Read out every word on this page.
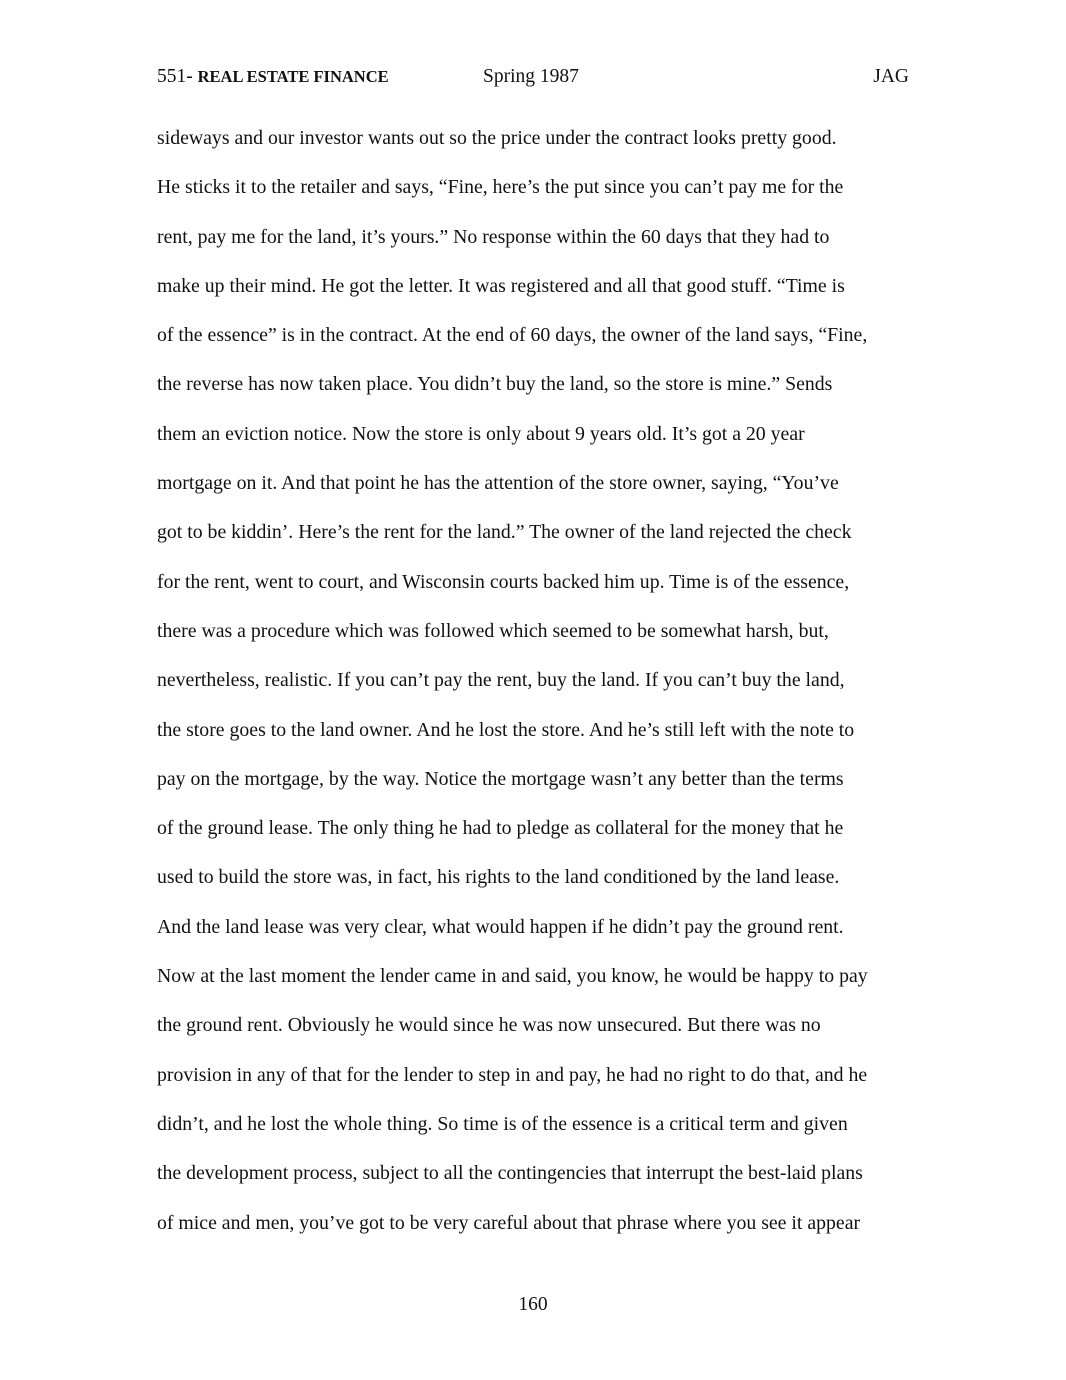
551- REAL ESTATE FINANCE	Spring 1987	JAG

sideways and our investor wants out so the price under the contract looks pretty good.

He sticks it to the retailer and says, “Fine, here’s the put since you can’t pay me for the

rent, pay me for the land, it’s yours.” No response within the 60 days that they had to

make up their mind. He got the letter. It was registered and all that good stuff. “Time is

of the essence” is in the contract. At the end of 60 days, the owner of the land says, “Fine,

the reverse has now taken place. You didn’t buy the land, so the store is mine.” Sends

them an eviction notice. Now the store is only about 9 years old. It’s got a 20 year

mortgage on it. And that point he has the attention of the store owner, saying, “You’ve

got to be kiddin’. Here’s the rent for the land.” The owner of the land rejected the check

for the rent, went to court, and Wisconsin courts backed him up. Time is of the essence,

there was a procedure which was followed which seemed to be somewhat harsh, but,

nevertheless, realistic. If you can’t pay the rent, buy the land. If you can’t buy the land,

the store goes to the land owner. And he lost the store. And he’s still left with the note to

pay on the mortgage, by the way. Notice the mortgage wasn’t any better than the terms

of the ground lease. The only thing he had to pledge as collateral for the money that he

used to build the store was, in fact, his rights to the land conditioned by the land lease.

And the land lease was very clear, what would happen if he didn’t pay the ground rent.

Now at the last moment the lender came in and said, you know, he would be happy to pay

the ground rent. Obviously he would since he was now unsecured. But there was no

provision in any of that for the lender to step in and pay, he had no right to do that, and he

didn’t, and he lost the whole thing. So time is of the essence is a critical term and given

the development process, subject to all the contingencies that interrupt the best-laid plans

of mice and men, you’ve got to be very careful about that phrase where you see it appear

160
